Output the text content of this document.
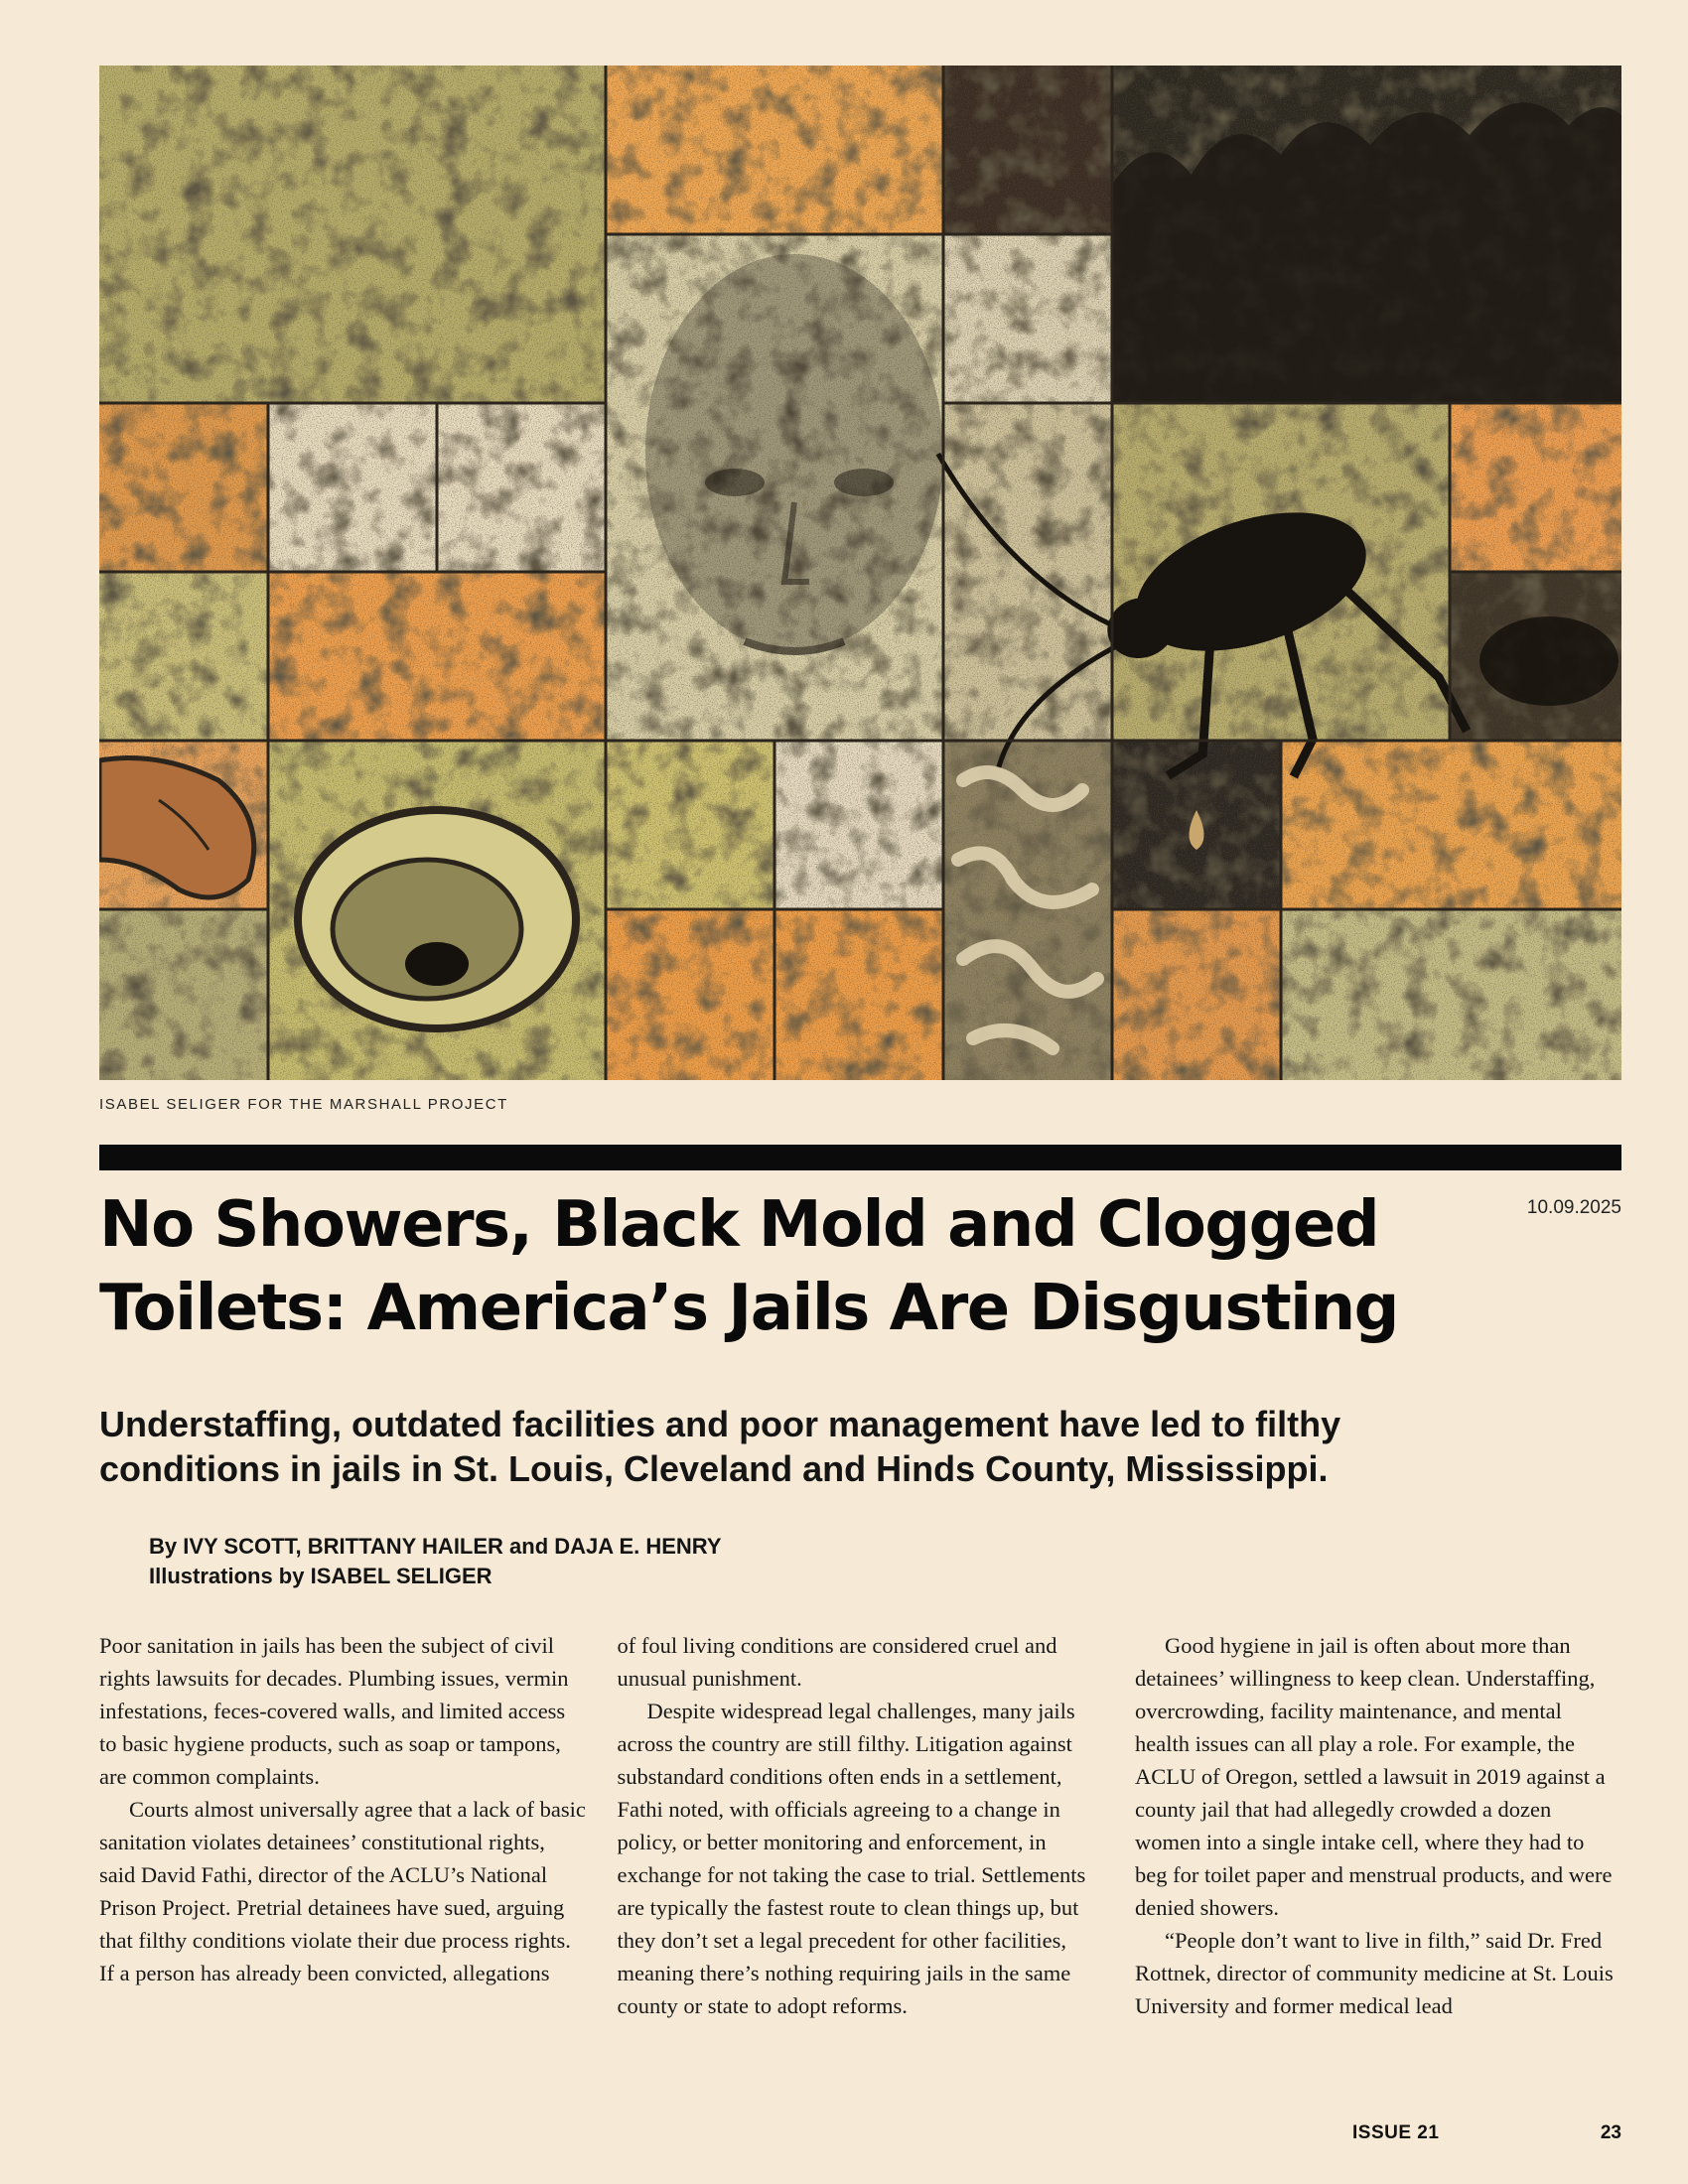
ISABEL SELIGER FOR THE MARSHALL PROJECT
No Showers, Black Mold and Clogged Toilets: America’s Jails Are Disgusting
10.09.2025

Understaffing, outdated facilities and poor management have led to filthy conditions in jails in St. Louis, Cleveland and Hinds County, Mississippi.

By IVY SCOTT, BRITTANY HAILER and DAJA E. HENRY
Illustrations by ISABEL SELIGER

Poor sanitation in jails has been the subject of civil rights lawsuits for decades. Plumbing issues, vermin infestations, feces-covered walls, and limited access to basic hygiene products, such as soap or tampons, are common complaints.

Courts almost universally agree that a lack of basic sanitation violates detainees’ constitutional rights, said David Fathi, director of the ACLU’s National Prison Project. Pretrial detainees have sued, arguing that filthy conditions violate their due process rights. If a person has already been convicted, allegations

of foul living conditions are considered cruel and unusual punishment.

Despite widespread legal challenges, many jails across the country are still filthy. Litigation against substandard conditions often ends in a settlement, Fathi noted, with officials agreeing to a change in policy, or better monitoring and enforcement, in exchange for not taking the case to trial. Settlements are typically the fastest route to clean things up, but they don’t set a legal precedent for other facilities, meaning there’s nothing requiring jails in the same county or state to adopt reforms.

Good hygiene in jail is often about more than detainees’ willingness to keep clean. Understaffing, overcrowding, facility maintenance, and mental health issues can all play a role. For example, the ACLU of Oregon, settled a lawsuit in 2019 against a county jail that had allegedly crowded a dozen women into a single intake cell, where they had to beg for toilet paper and menstrual products, and were denied showers.

“People don’t want to live in filth,” said Dr. Fred Rottnek, director of community medicine at St. Louis University and former medical lead

ISSUE 21	23
